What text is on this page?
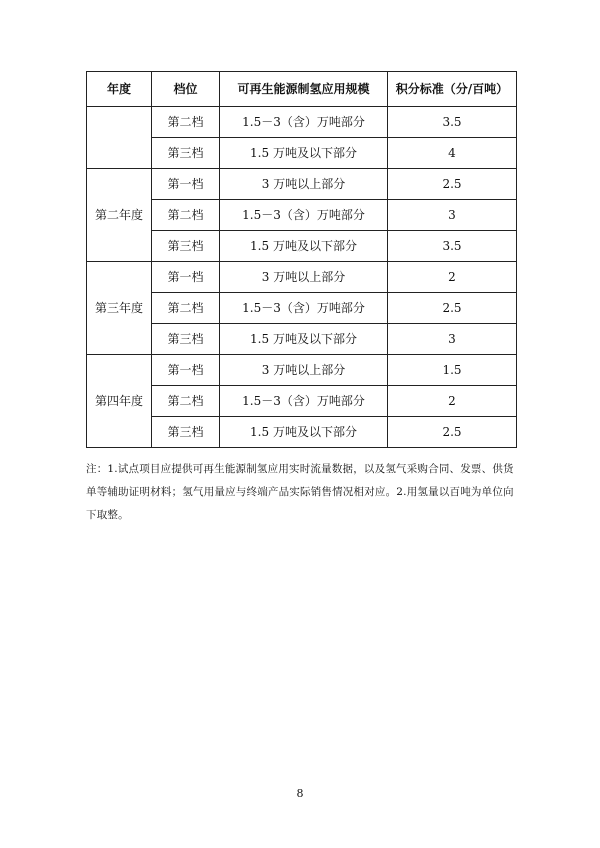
年度	档位	可再生能源制氢应用规模	积分标准（分/百吨）
	第二档	1.5－3（含）万吨部分	3.5
	第三档	1.5 万吨及以下部分	4
第二年度	第一档	3 万吨以上部分	2.5
	第二档	1.5－3（含）万吨部分	3
	第三档	1.5 万吨及以下部分	3.5
第三年度	第一档	3 万吨以上部分	2
	第二档	1.5－3（含）万吨部分	2.5
	第三档	1.5 万吨及以下部分	3
第四年度	第一档	3 万吨以上部分	1.5
	第二档	1.5－3（含）万吨部分	2
	第三档	1.5 万吨及以下部分	2.5

注：1.试点项目应提供可再生能源制氢应用实时流量数据，以及氢气采购合同、发票、供货单等辅助证明材料；氢气用量应与终端产品实际销售情况相对应。2.用氢量以百吨为单位向下取整。

8
